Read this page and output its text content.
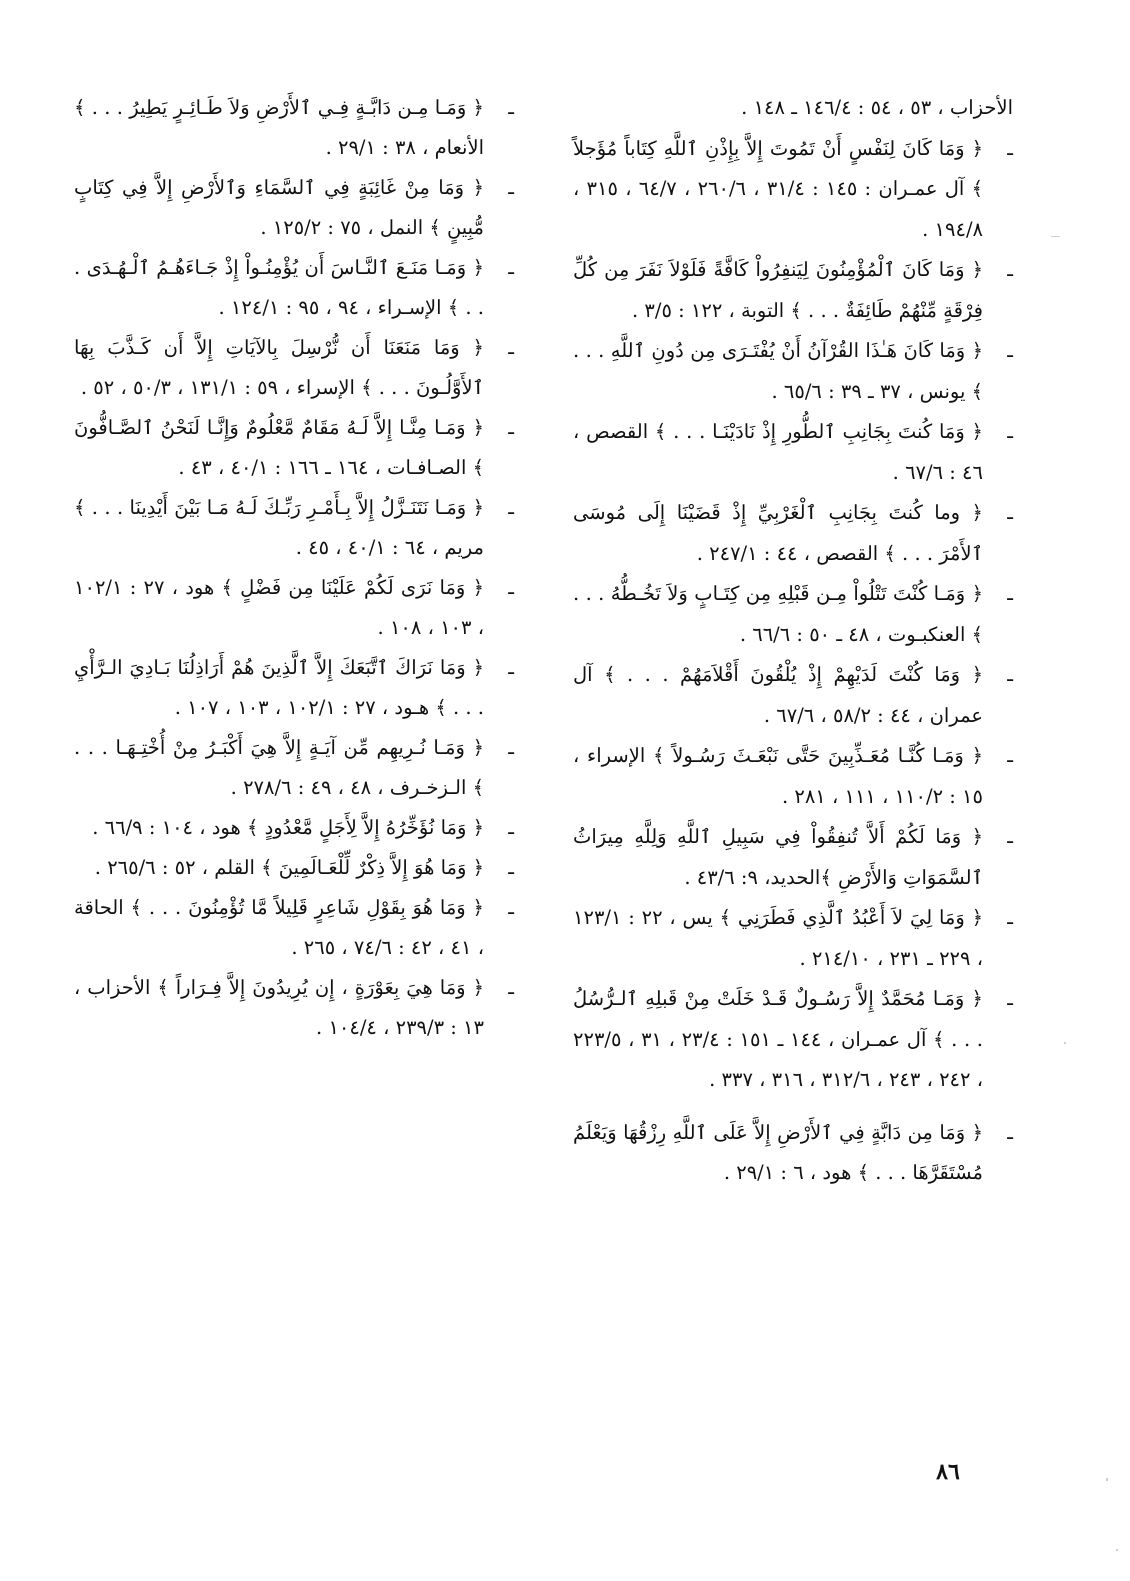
الأحزاب ، ٥٣ ، ٥٤ : ١٤٦/٤ ـ ١٤٨ .

ـ
﴿ وَمَا كَانَ لِنَفْسٍ أَنْ تَمُوتَ إِلاَّ بِإِذْنِ ٱللَّهِ كِتَاباً مُؤَجلاً ﴾ آل عمـران : ١٤٥ : ٣١/٤ ، ٢٦٠/٦ ، ٦٤/٧ ، ٣١٥ ، ١٩٤/٨ .

ـ
﴿ وَمَا كَانَ ٱلْمُؤْمِنُونَ لِيَنفِرُواْ كَافَّةً فَلَوْلاَ نَفَرَ مِن كُلِّ فِرْقَةٍ مِّنْهُمْ طَائِفَةٌ . . . ﴾ التوبة ، ١٢٢ : ٣/٥ .

ـ
﴿ وَمَا كَانَ هَـٰذَا القُرْآنُ أَنْ يُفْتَـرَى مِن دُونِ ٱللَّهِ . . . ﴾ يونس ، ٣٧ ـ ٣٩ : ٦٥/٦ .

ـ
﴿ وَمَا كُنتَ بِجَانِبِ ٱلطُّورِ إِذْ نَادَيْنَـا . . . ﴾ القصص ، ٤٦ : ٦٧/٦ .

ـ
﴿ وما كُنتَ بِجَانِبِ ٱلْغَرْبِيِّ إِذْ قَضَيْنَا إِلَى مُوسَى ٱلأَمْرَ . . . ﴾ القصص ، ٤٤ : ٢٤٧/١ .

ـ
﴿ وَمَـا كُنْتَ تَتْلُواْ مِـن قَبْلِهِ مِن كِتَـابٍ وَلاَ تَخُـطُّهُ . . . ﴾ العنكبـوت ، ٤٨ ـ ٥٠ : ٦٦/٦ .

ـ
﴿ وَمَا كُنْتَ لَدَيْهِمْ إِذْ يُلْقُونَ أَقْلاَمَهُمْ . . . ﴾ آل عمران ، ٤٤ : ٥٨/٢ ، ٦٧/٦ .

ـ
﴿ وَمَـا كُنَّـا مُعَـذِّبِينَ حَتَّى نَبْعَـثَ رَسُـولاً ﴾ الإسراء ، ١٥ : ١١٠/٢ ، ١١١ ، ٢٨١ .

ـ
﴿ وَمَا لَكُمْ أَلاَّ تُنفِقُواْ فِي سَبِيلِ ٱللَّهِ وَلِلَّهِ مِيرَاثُ ٱلسَّمَوَاتِ وَالأَرْضِ ﴾الحديد، ٩: ٤٣/٦ .

ـ
﴿ وَمَا لِيَ لاَ أَعْبُدُ ٱلَّذِي فَطَرَنِي ﴾ يس ، ٢٢ : ١٢٣/١ ، ٢٢٩ ـ ٢٣١ ، ٢١٤/١٠ .

ـ
﴿ وَمَـا مُحَمَّدٌ إِلاَّ رَسُـولٌ قَـدْ خَلَتْ مِنْ قَبلِهِ ٱلـرُّسُلُ . . . ﴾ آل عمـران ، ١٤٤ ـ ١٥١ : ٢٣/٤ ، ٣١ ، ٢٢٣/٥ ، ٢٤٢ ، ٢٤٣ ، ٣١٢/٦ ، ٣١٦ ، ٣٣٧ .

ـ
﴿ وَمَا مِن دَابَّةٍ فِي ٱلأَرْضِ إِلاَّ عَلَى ٱللَّهِ رِزْقُهَا وَيَعْلَمُ مُسْتَقَرَّهَا . . . ﴾ هود ، ٦ : ٢٩/١ .

ـ
﴿ وَمَـا مِـن دَابَّـةٍ فِـي ٱلأَرْضِ وَلاَ طَـائِـرٍ يَطِيرُ . . . ﴾ الأنعام ، ٣٨ : ٢٩/١ .

ـ
﴿ وَمَا مِنْ غَائِبَةٍ فِي ٱلسَّمَاءِ وَٱلأَرْضِ إِلاَّ فِي كِتَابٍ مُّبِينٍ ﴾ النمل ، ٧٥ : ١٢٥/٢ .

ـ
﴿ وَمَـا مَنَـعَ ٱلنَّـاسَ أَن يُؤْمِنُـواْ إِذْ جَـاءَهُـمُ ٱلْـهُـدَى . . . ﴾ الإسـراء ، ٩٤ ، ٩٥ : ١٢٤/١ .

ـ
﴿ وَمَا مَنَعَنَا أَن نُّرْسِلَ بِالآيَاتِ إِلاَّ أَن كَـذَّبَ بِهَا ٱلأَوَّلُـونَ . . . ﴾ الإسراء ، ٥٩ : ١٣١/١ ، ٥٠/٣ ، ٥٢ .

ـ
﴿ وَمَـا مِنَّـا إِلاَّ لَـهُ مَقَامٌ مَّعْلُومٌ وَإِنَّـا لَنَحْنُ ٱلصَّـافُّونَ ﴾ الصـافـات ، ١٦٤ ـ ١٦٦ : ٤٠/١ ، ٤٣ .

ـ
﴿ وَمَـا نَتَنَـزَّلُ إِلاَّ بِـأَمْـرِ رَبِّـكَ لَـهُ مَـا بَيْنَ أَيْدِينَا . . . ﴾ مريم ، ٦٤ : ٤٠/١ ، ٤٥ .

ـ
﴿ وَمَا نَرَى لَكُمْ عَلَيْنَا مِن فَضْلٍ ﴾ هود ، ٢٧ : ١٠٢/١ ، ١٠٣ ، ١٠٨ .

ـ
﴿ وَمَا نَرَاكَ ٱتَّبَعَكَ إِلاَّ ٱلَّذِينَ هُمْ أَرَاذِلُنَا بَـادِيَ الـرَّأْيِ . . . ﴾ هـود ، ٢٧ : ١٠٢/١ ، ١٠٣ ، ١٠٧ .

ـ
﴿ وَمَـا نُـرِيهِم مِّن آيَـةٍ إِلاَّ هِيَ أَكْبَـرُ مِنْ أُخْتِـهَـا . . . ﴾ الـزخـرف ، ٤٨ ، ٤٩ : ٢٧٨/٦ .

ـ
﴿ وَمَا نُؤَخِّرُهُ إِلاَّ لِأَجَلٍ مَّعْدُودٍ ﴾ هود ، ١٠٤ : ٦٦/٩ .

ـ
﴿ وَمَا هُوَ إِلاَّ ذِكْرٌ لِّلْعَـالَمِينَ ﴾ القلم ، ٥٢ : ٢٦٥/٦ .

ـ
﴿ وَمَا هُوَ بِقَوْلِ شَاعِرٍ قَلِيلاً مَّا تُؤْمِنُونَ . . . ﴾ الحاقة ، ٤١ ، ٤٢ : ٧٤/٦ ، ٢٦٥ .

ـ
﴿ وَمَا هِيَ بِعَوْرَةٍ ، إِن يُرِيدُونَ إِلاَّ فِـرَاراً ﴾ الأحزاب ، ١٣ : ٢٣٩/٣ ، ١٠٤/٤ .

٨٦
